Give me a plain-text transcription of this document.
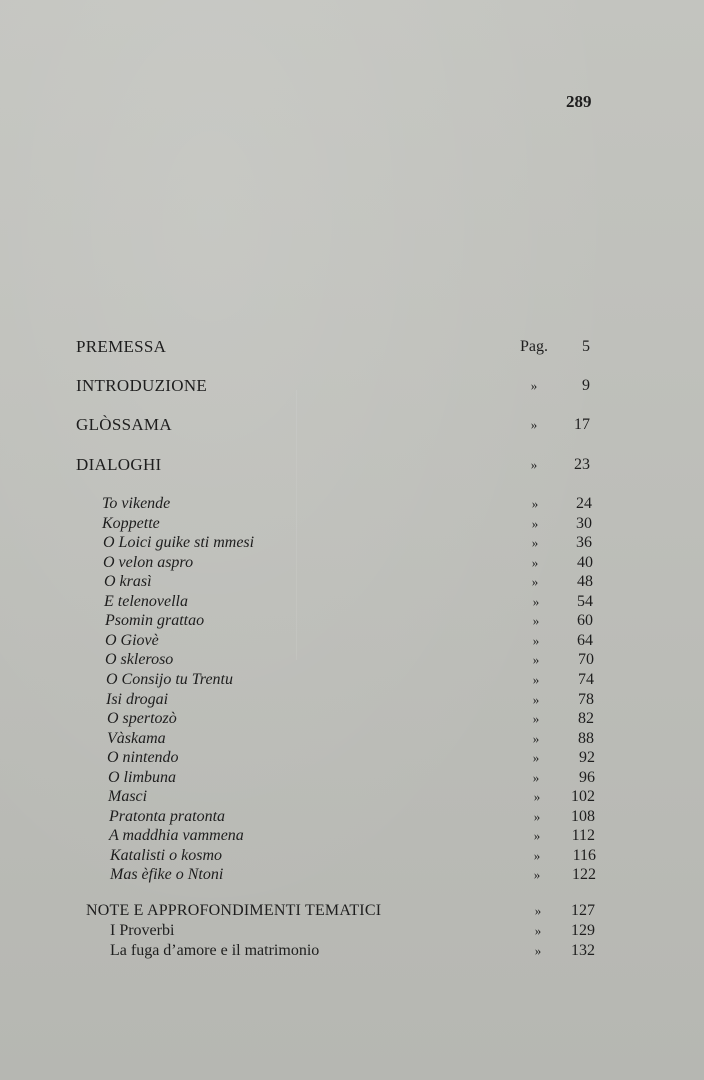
289
PREMESSA	Pag.	5
INTRODUZIONE	»	9
GLÒSSAMA	»	17
DIALOGHI	»	23
To vikende	»	24
Koppette	»	30
O Loici guike sti mmesi	»	36
O velon aspro	»	40
O krasì	»	48
E telenovella	»	54
Psomin grattao	»	60
O Giovè	»	64
O skleroso	»	70
O Consijo tu Trentu	»	74
Isi drogai	»	78
O spertozò	»	82
Vàskama	»	88
O nintendo	»	92
O limbuna	»	96
Masci	»	102
Pratonta pratonta	»	108
A maddhia vammena	»	112
Katalisti o kosmo	»	116
Mas èfike o Ntoni	»	122
NOTE E APPROFONDIMENTI TEMATICI	»	127
I Proverbi	»	129
La fuga d’amore e il matrimonio	»	132
